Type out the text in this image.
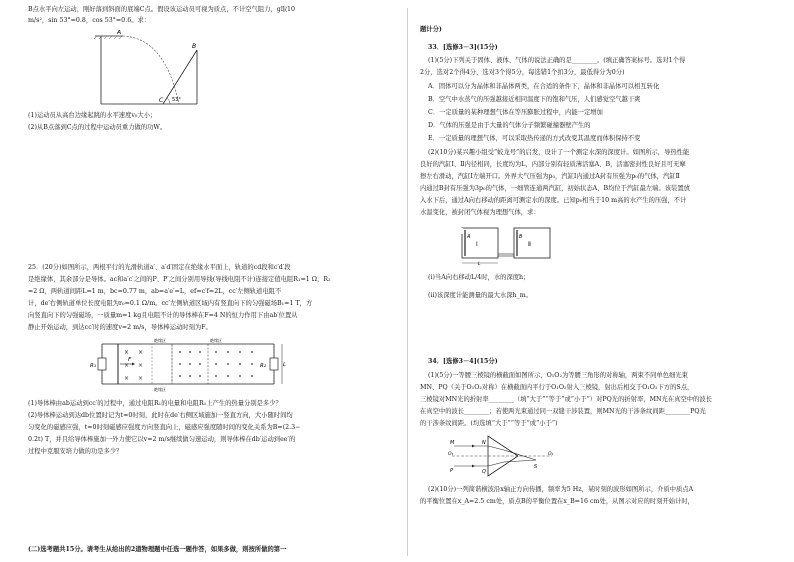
B点水平向左运动，刚好落到斜面的底端C点。假设该运动员可视为质点，不计空气阻力，g取10
m/s²，sin 53°=0.8，cos 53°=0.6。求：
A
B
C 53°
(1)运动员从高台边缘起跳的水平速度v₀大小；
(2)从B点落到C点的过程中运动员重力做的功W。
25．(20分)如图所示，两根平行的光滑轨道a′、a′d′固定在绝缘水平面上，轨道的cd段和c′d′段
是绝缘体，其余部分是导体。ac和a′c′之间的P、P′之间分别用导线(导线电阻不计)连接定值电阻R₁=1 Ω，R₂
=2 Ω，两轨道间距L=1 m，bc=0.77 m，ab=a′e′=L，ef=c′f=2L，cc′左侧轨道电阻不
计，de′右侧轨道单位长度电阻为r₀=0.1 Ω/m。cc′左侧轨道区域内有竖直向下的匀强磁场B₁=1 T，方
向竖直向下的匀强磁场，一质量m=1 kg且电阻不计的导体棒在F=4 N的恒力作用下由ab′位置从
静止开始运动，到达cc′时的速度v=2 m/s，导体棒运动时刻为F。
× ×
× ×
× ×
R₁	R₂
F
L
绝缘区	绝缘区
绝缘区
(1)导体棒由ab运动到cc′的过程中，通过电阻R₁的电量和电阻R₁上产生的热量分别是多少？
(2)导体棒运动到达db位置时记为t=0时刻，此时在de′右侧区域施加一竖直方向，大小随时间均
匀变化的磁感应强，t=0时刻磁感应强度方向竖直向上，磁感应强度随时间的变化关系为B=(2.3−
0.2t) T，并且给导体棒施加一外力使它以v=2 m/s继续做匀速运动，则导体棒在db′运动到ee′的
过程中克服安培力做的功是多少？
(二)选考题共15分。请考生从给出的2道物理题中任选一题作答，如果多做，则按所做的第一
题计分)
33．[选修3－3](15分)
(1)(5分)下列关于固体、液体、气体的说法正确的是________。(填正确答案标号。选对1个得
2分，选对2个得4分，选对3个得5分，每选错1个扣3分，最低得分为0分)
A．固体可以分为晶体和非晶体两类，在合适的条件下，晶体和非晶体可以相互转化
B．空气中水蒸气的压强越接近相同温度下的饱和气压，人们感觉空气越干爽
C．一定质量的某种理想气体在等压膨胀过程中，内能一定增加
D．气体的压强是由于大量的气体分子频繁碰撞器壁产生的
E．一定质量的理想气体，可以采取热传递的方式改变其温度而体积保持不变
(2)(10分)某兴趣小组受“蛟龙号”的启发，设计了一个测定水深的深度计。如图所示，导热性能
良好的汽缸Ⅰ、Ⅱ内径相同，长度均为L，内部分别有轻质薄活塞A、B，活塞密封性良好且可无摩
擦左右滑动，汽缸Ⅰ左端开口。外界大气压强为p₀，汽缸Ⅰ内通过A封有压强为p₀的气体，汽缸Ⅱ
内通过B封有压强为3p₀的气体，一细管连通两汽缸，初始状态A、B均位于汽缸最左端。该装置放
入水下后，通过A向右移动的距离可测定水的深度。已知p₀相当于10 m高的水产生的压强，不计
水温变化，被封闭气体视为理想气体，求：
Ⅰ	Ⅱ
A	B
L
(i)当A向右移动L/4时，水的深度h；
(ii)该深度计能测量的最大水深h_m。
34．[选修3－4](15分)
(1)(5分)一等腰三棱镜的横截面如图所示，O₁O₂为等腰三角形的对称轴，两束不同单色细光束
MN、PQ（关于O₁O₂对称）在横截面内平行于O₁O₂射入三棱镜，射出后相交于O₁O₂下方的S点，
三棱镜对MN光的折射率________（填“大于”“等于”或“小于”）对PQ光的折射率，MN光在真空中的波长
在真空中的波长________；若使两光束通过同一双缝干涉装置，则MN光的干涉条纹间距________PQ光
的干涉条纹间距。(均选填“大于”“等于”或“小于”)
M	N
P	Q
O₁	O₂
S
(2)(10分)一列简谐横波沿x轴正方向传播，频率为5 Hz，某时刻的波形如图所示，介质中质点A
的平衡位置在x_A=2.5 cm处，质点B的平衡位置在x_B=16 cm处，从图示对应的时刻开始计时，
